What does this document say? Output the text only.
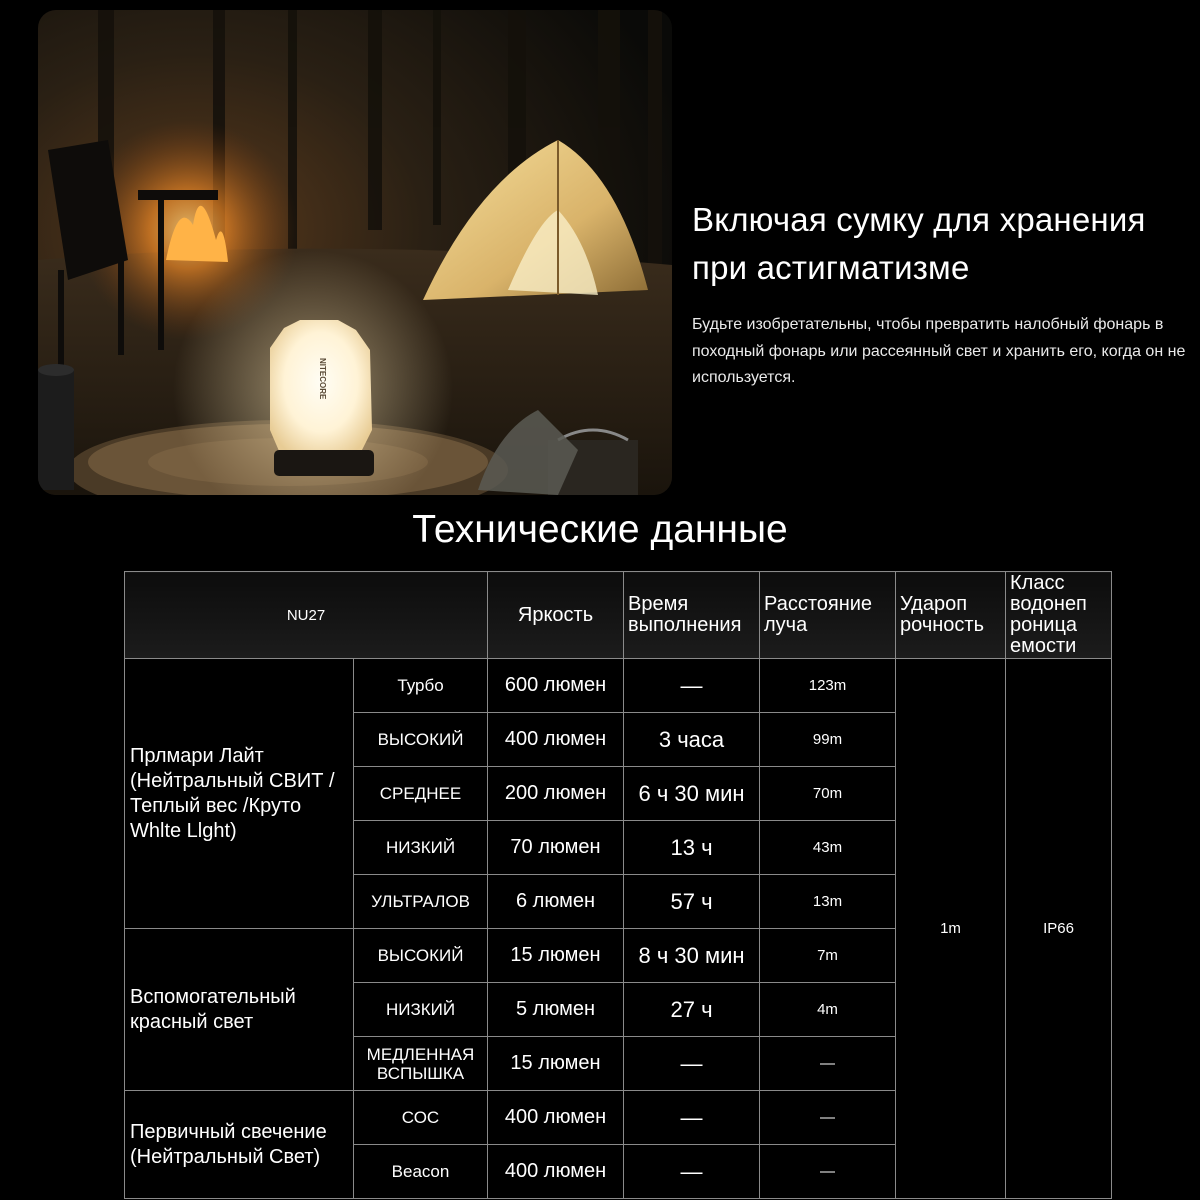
NITECORE
Включая сумку для хранения при астигматизме
Будьте изобретательны, чтобы превратить налобный фонарь в походный фонарь или рассеянный свет и хранить его, когда он не используется.
Технические данные
NU27		Яркость	Время выполнения	Расстояние луча	Удароп рочность	Класс водонеп роница емости
Прлмари Лайт (Нейтральный СВИТ /Теплый вес /Круто Whlte Llght)	Турбо	600 люмен	—	123m	1m	IP66
	ВЫСОКИЙ	400 люмен	3 часа	99m		
	СРЕДНЕЕ	200 люмен	6 ч 30 мин	70m		
	НИЗКИЙ	70 люмен	13 ч	43m		
	УЛЬТРАЛОВ	6 люмен	57 ч	13m		
Вспомогательный красный свет	ВЫСОКИЙ	15 люмен	8 ч 30 мин	7m		
	НИЗКИЙ	5 люмен	27 ч	4m		
	МЕДЛЕННАЯ ВСПЫШКА	15 люмен	—	—		
Первичный свечение (Нейтральный Свет)	СОС	400 люмен	—	—		
	Beacon	400 люмен	—	—		
